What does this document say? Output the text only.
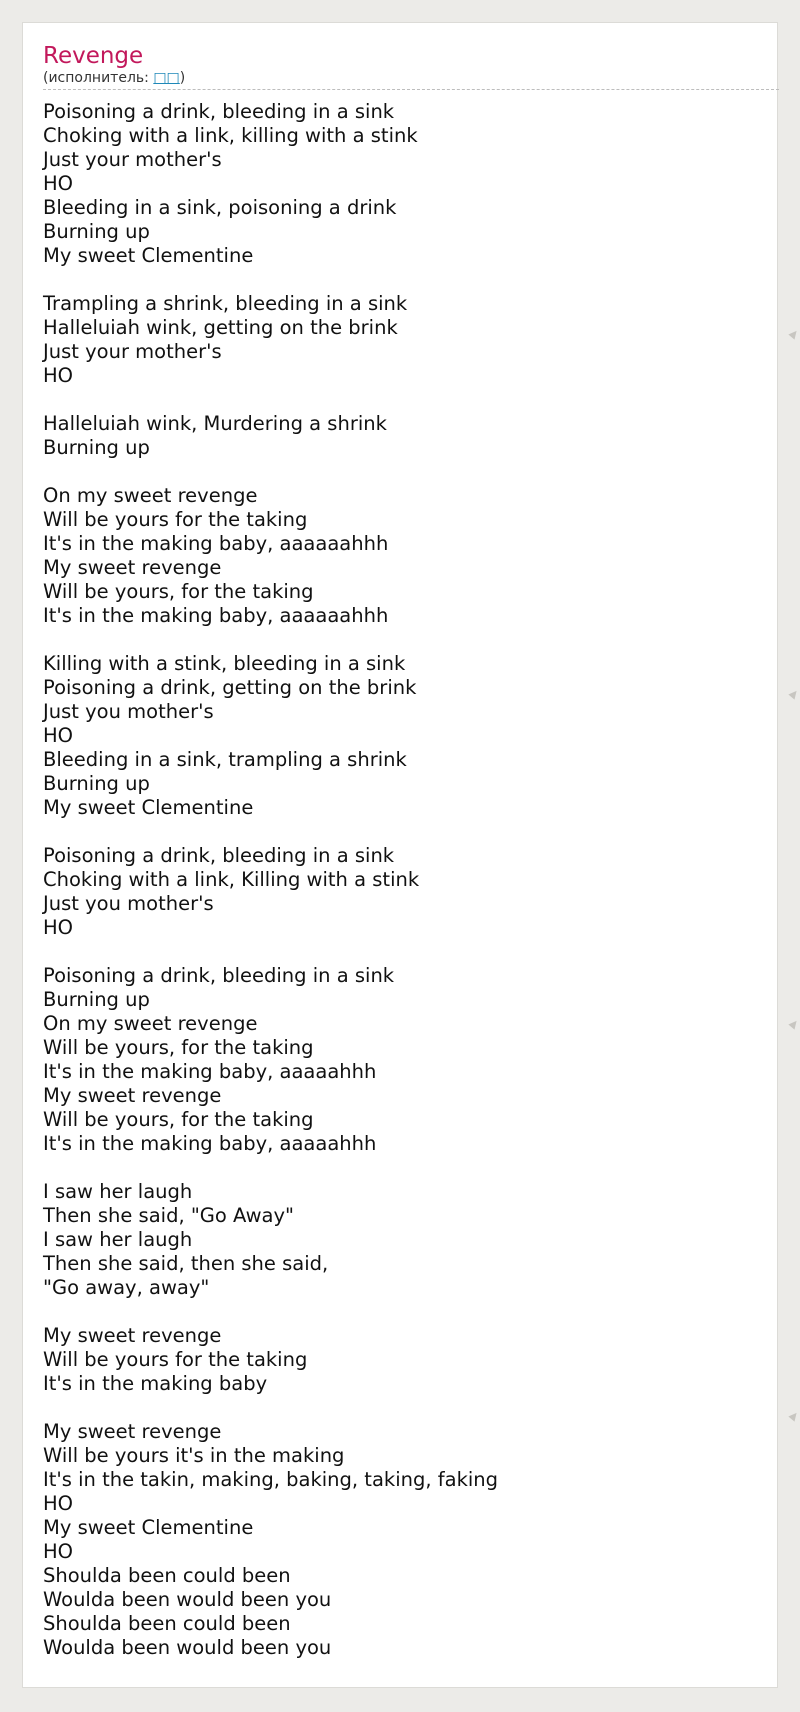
Revenge
(исполнитель: □□)
Poisoning a drink, bleeding in a sink
Choking with a link, killing with a stink
Just your mother's
HO
Bleeding in a sink, poisoning a drink
Burning up
My sweet Clementine
Trampling a shrink, bleeding in a sink
Halleluiah wink, getting on the brink
Just your mother's
HO
Halleluiah wink, Murdering a shrink
Burning up
On my sweet revenge
Will be yours for the taking
It's in the making baby, aaaaaahhh
My sweet revenge
Will be yours, for the taking
It's in the making baby, aaaaaahhh
Killing with a stink, bleeding in a sink
Poisoning a drink, getting on the brink
Just you mother's
HO
Bleeding in a sink, trampling a shrink
Burning up
My sweet Clementine
Poisoning a drink, bleeding in a sink
Choking with a link, Killing with a stink
Just you mother's
HO
Poisoning a drink, bleeding in a sink
Burning up
On my sweet revenge
Will be yours, for the taking
It's in the making baby, aaaaahhh
My sweet revenge
Will be yours, for the taking
It's in the making baby, aaaaahhh
I saw her laugh
Then she said, "Go Away"
I saw her laugh
Then she said, then she said,
"Go away, away"
My sweet revenge
Will be yours for the taking
It's in the making baby
My sweet revenge
Will be yours it's in the making
It's in the takin, making, baking, taking, faking
HO
My sweet Clementine
HO
Shoulda been could been
Woulda been would been you
Shoulda been could been
Woulda been would been you
